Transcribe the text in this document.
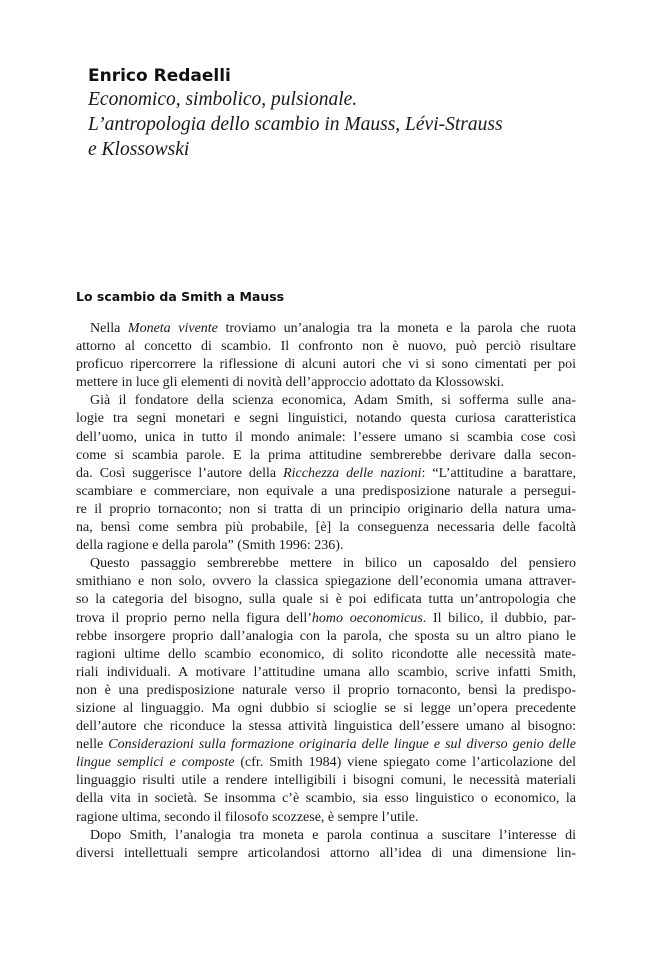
Enrico Redaelli
Economico, simbolico, pulsionale.
L’antropologia dello scambio in Mauss, Lévi-Strauss
e Klossowski
Lo scambio da Smith a Mauss
Nella Moneta vivente troviamo un’analogia tra la moneta e la parola che ruota
attorno al concetto di scambio. Il confronto non è nuovo, può perciò risultare
proficuo ripercorrere la riflessione di alcuni autori che vi si sono cimentati per poi
mettere in luce gli elementi di novità dell’approccio adottato da Klossowski.
Già il fondatore della scienza economica, Adam Smith, si sofferma sulle ana-
logie tra segni monetari e segni linguistici, notando questa curiosa caratteristica
dell’uomo, unica in tutto il mondo animale: l’essere umano si scambia cose così
come si scambia parole. E la prima attitudine sembrerebbe derivare dalla secon-
da. Così suggerisce l’autore della Ricchezza delle nazioni: “L’attitudine a barattare,
scambiare e commerciare, non equivale a una predisposizione naturale a persegui-
re il proprio tornaconto; non si tratta di un principio originario della natura uma-
na, bensì come sembra più probabile, [è] la conseguenza necessaria delle facoltà
della ragione e della parola” (Smith 1996: 236).
Questo passaggio sembrerebbe mettere in bilico un caposaldo del pensiero
smithiano e non solo, ovvero la classica spiegazione dell’economia umana attraver-
so la categoria del bisogno, sulla quale si è poi edificata tutta un’antropologia che
trova il proprio perno nella figura dell’homo oeconomicus. Il bilico, il dubbio, par-
rebbe insorgere proprio dall’analogia con la parola, che sposta su un altro piano le
ragioni ultime dello scambio economico, di solito ricondotte alle necessità mate-
riali individuali. A motivare l’attitudine umana allo scambio, scrive infatti Smith,
non è una predisposizione naturale verso il proprio tornaconto, bensì la predispo-
sizione al linguaggio. Ma ogni dubbio si scioglie se si legge un’opera precedente
dell’autore che riconduce la stessa attività linguistica dell’essere umano al bisogno:
nelle Considerazioni sulla formazione originaria delle lingue e sul diverso genio delle
lingue semplici e composte (cfr. Smith 1984) viene spiegato come l’articolazione del
linguaggio risulti utile a rendere intelligibili i bisogni comuni, le necessità materiali
della vita in società. Se insomma c’è scambio, sia esso linguistico o economico, la
ragione ultima, secondo il filosofo scozzese, è sempre l’utile.
Dopo Smith, l’analogia tra moneta e parola continua a suscitare l’interesse di
diversi intellettuali sempre articolandosi attorno all’idea di una dimensione lin-
